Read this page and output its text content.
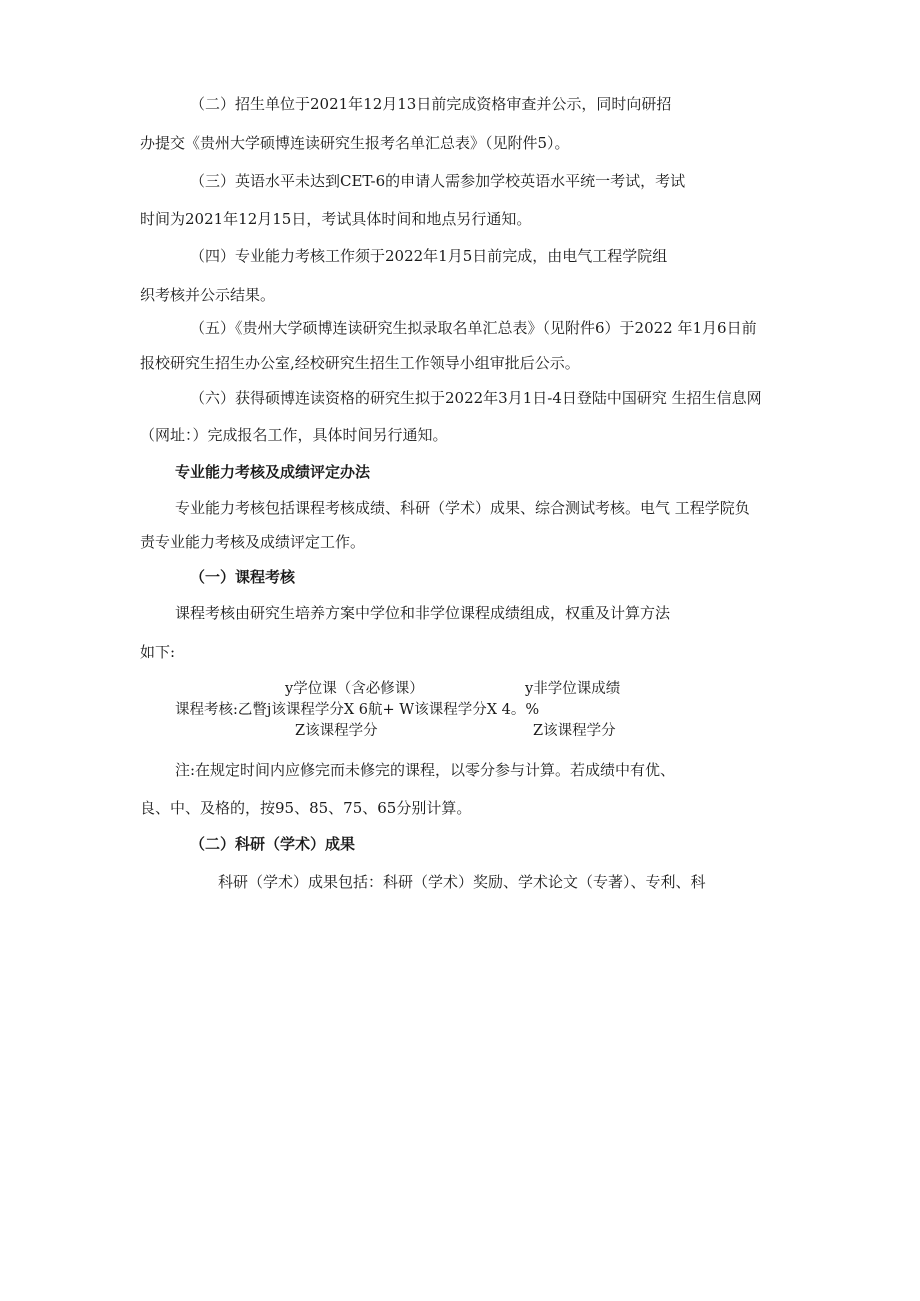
（二）招生单位于2021年12月13日前完成资格审查并公示，同时向研招
办提交《贵州大学硕博连读研究生报考名单汇总表》（见附件5）。
（三）英语水平未达到CET-6的申请人需参加学校英语水平统一考试，考试
时间为2021年12月15日，考试具体时间和地点另行通知。
（四）专业能力考核工作须于2022年1月5日前完成，由电气工程学院组
织考核并公示结果。
（五）《贵州大学硕博连读研究生拟录取名单汇总表》（见附件6）于2022 年1月6日前
报校研究生招生办公室,经校研究生招生工作领导小组审批后公示。
（六）获得硕博连读资格的研究生拟于2022年3月1日-4日登陆中国研究 生招生信息网
（网址：）完成报名工作，具体时间另行通知。
专业能力考核及成绩评定办法
专业能力考核包括课程考核成绩、科研（学术）成果、综合测试考核。电气 工程学院负
责专业能力考核及成绩评定工作。
（一）课程考核
课程考核由研究生培养方案中学位和非学位课程成绩组成，权重及计算方法
如下:
y学位课（含必修课）	y非学位课成绩
课程考核:乙瞥j该课程学分X 6航+ W该课程学分X 4。%
Z该课程学分	Z该课程学分
注:在规定时间内应修完而未修完的课程，以零分参与计算。若成绩中有优、
良、中、及格的，按95、85、75、65分别计算。
（二）科研（学术）成果
科研（学术）成果包括：科研（学术）奖励、学术论文（专著）、专利、科
